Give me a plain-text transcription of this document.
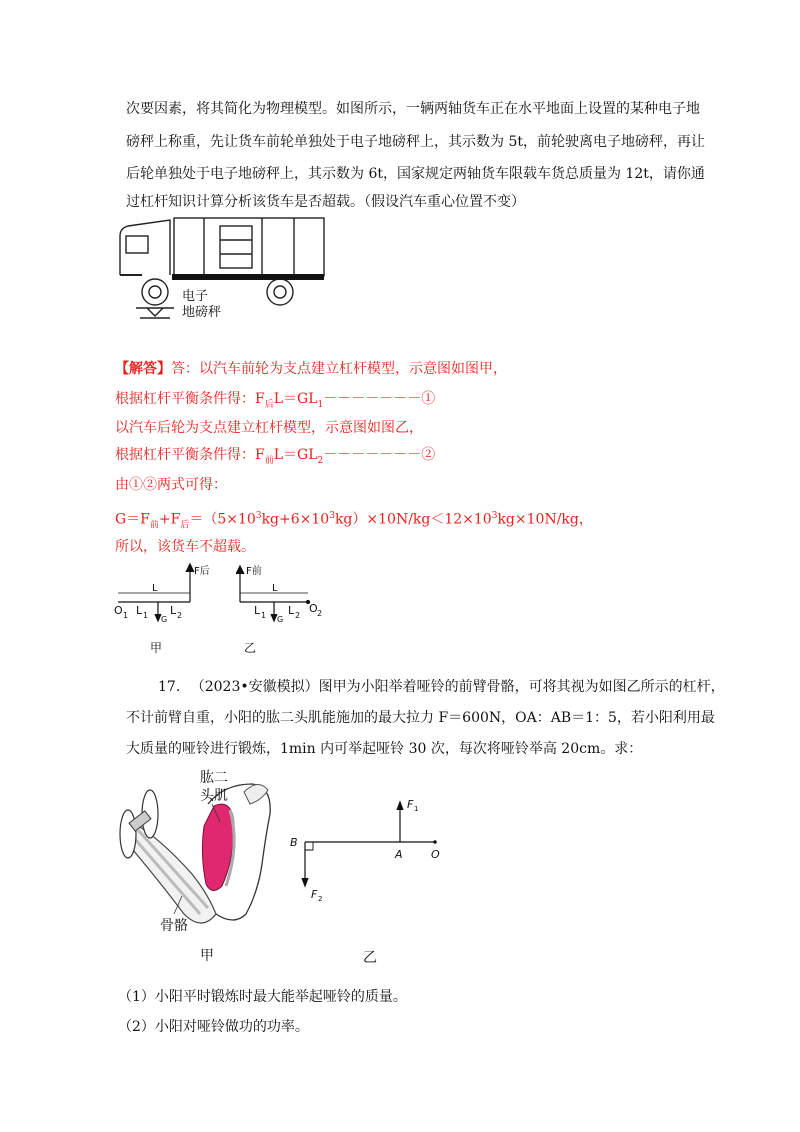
次要因素，将其简化为物理模型。如图所示，一辆两轴货车正在水平地面上设置的某种电子地
磅秤上称重，先让货车前轮单独处于电子地磅秤上，其示数为 5t，前轮驶离电子地磅秤，再让
后轮单独处于电子地磅秤上，其示数为 6t，国家规定两轴货车限载车货总质量为 12t，请你通
过杠杆知识计算分析该货车是否超载。（假设汽车重心位置不变）
电子
地磅秤
【解答】答：以汽车前轮为支点建立杠杆模型，示意图如图甲，
根据杠杆平衡条件得：$F_后L=GL_1-------①$
以汽车后轮为支点建立杠杆模型，示意图如图乙，
根据杠杆平衡条件得：$F_前L=GL_2-------②$
由①②两式可得：
$G=F_前+F_后=(5\times 10^3kg+6\times 10^3kg)\times 10N/kg<12\times 10^3kg\times 10N/kg$，
所以，该货车不超载。
F后
L
O 1 L 1 G
L 2
甲
F前
L
L 1 G
L 2
O 2
乙
17. （2023•安徽模拟）图甲为小阳举着哑铃的前臂骨骼，可将其视为如图乙所示的杠杆，
不计前臂自重，小阳的肱二头肌能施加的最大拉力 F＝600N，OA：AB＝1：5，若小阳利用最
大质量的哑铃进行锻炼，1min 内可举起哑铃 30 次，每次将哑铃举高 20cm。求：
肱二
头肌
骨骼
甲
F 1
B
A	O
F 2
乙
（1）小阳平时锻炼时最大能举起哑铃的质量。
（2）小阳对哑铃做功的功率。
